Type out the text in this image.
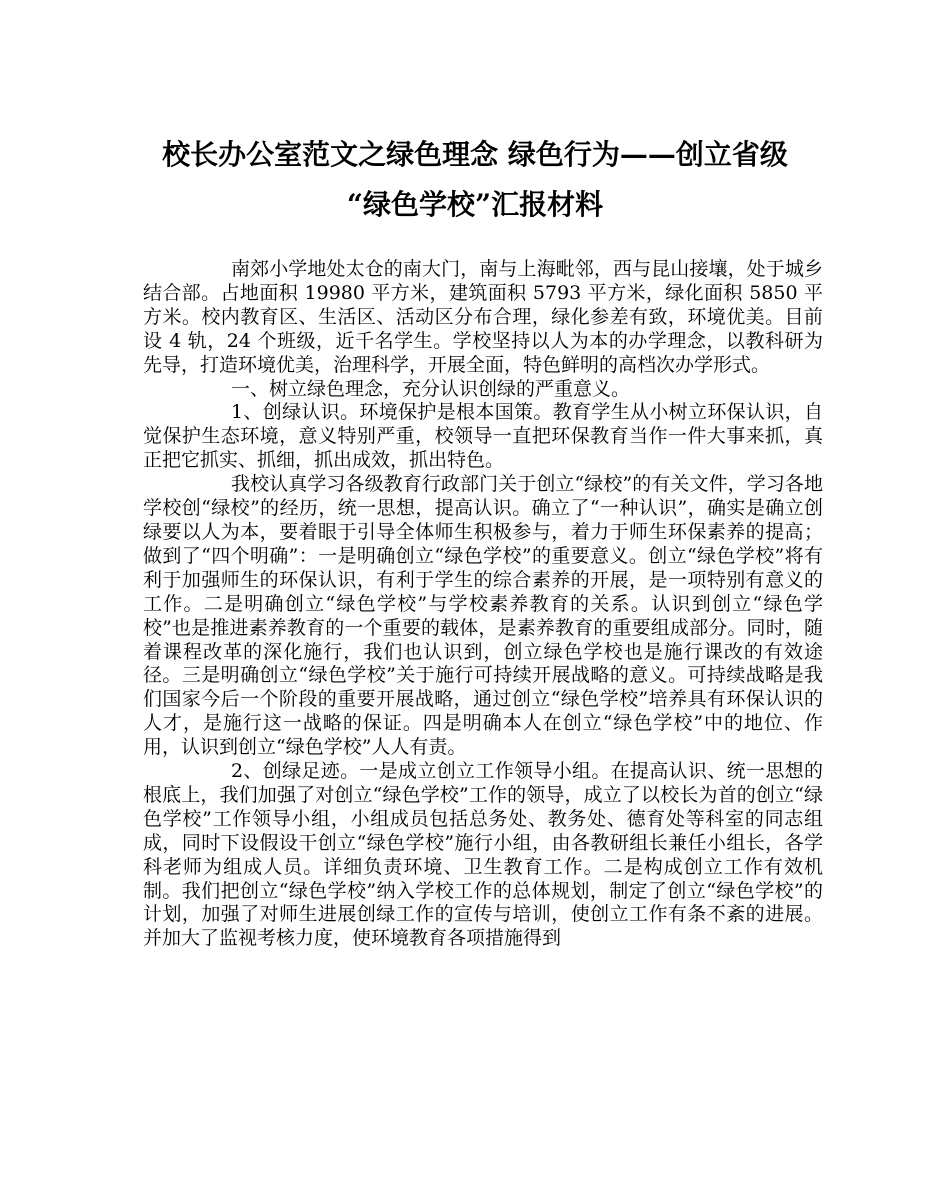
校长办公室范文之绿色理念 绿色行为——创立省级
“绿色学校”汇报材料

南郊小学地处太仓的南大门，南与上海毗邻，西与昆山接壤，处于城乡结合部。占地面积 19980 平方米，建筑面积 5793 平方米，绿化面积 5850 平方米。校内教育区、生活区、活动区分布合理，绿化参差有致，环境优美。目前设 4 轨，24 个班级，近千名学生。学校坚持以人为本的办学理念，以教科研为先导，打造环境优美，治理科学，开展全面，特色鲜明的高档次办学形式。

一、树立绿色理念，充分认识创绿的严重意义。

1、创绿认识。环境保护是根本国策。教育学生从小树立环保认识，自觉保护生态环境，意义特别严重，校领导一直把环保教育当作一件大事来抓，真正把它抓实、抓细，抓出成效，抓出特色。

我校认真学习各级教育行政部门关于创立“绿校”的有关文件，学习各地学校创“绿校”的经历，统一思想，提高认识。确立了“一种认识”，确实是确立创绿要以人为本，要着眼于引导全体师生积极参与，着力于师生环保素养的提高；做到了“四个明确”：一是明确创立“绿色学校”的重要意义。创立“绿色学校”将有利于加强师生的环保认识，有利于学生的综合素养的开展，是一项特别有意义的工作。二是明确创立“绿色学校”与学校素养教育的关系。认识到创立“绿色学校”也是推进素养教育的一个重要的载体，是素养教育的重要组成部分。同时，随着课程改革的深化施行，我们也认识到，创立绿色学校也是施行课改的有效途径。三是明确创立“绿色学校”关于施行可持续开展战略的意义。可持续战略是我们国家今后一个阶段的重要开展战略，通过创立“绿色学校”培养具有环保认识的人才，是施行这一战略的保证。四是明确本人在创立“绿色学校”中的地位、作用，认识到创立“绿色学校”人人有责。

2、创绿足迹。一是成立创立工作领导小组。在提高认识、统一思想的根底上，我们加强了对创立“绿色学校”工作的领导，成立了以校长为首的创立“绿色学校”工作领导小组，小组成员包括总务处、教务处、德育处等科室的同志组成，同时下设假设干创立“绿色学校”施行小组，由各教研组长兼任小组长，各学科老师为组成人员。详细负责环境、卫生教育工作。二是构成创立工作有效机制。我们把创立“绿色学校”纳入学校工作的总体规划，制定了创立“绿色学校”的计划，加强了对师生进展创绿工作的宣传与培训，使创立工作有条不紊的进展。并加大了监视考核力度，使环境教育各项措施得到
